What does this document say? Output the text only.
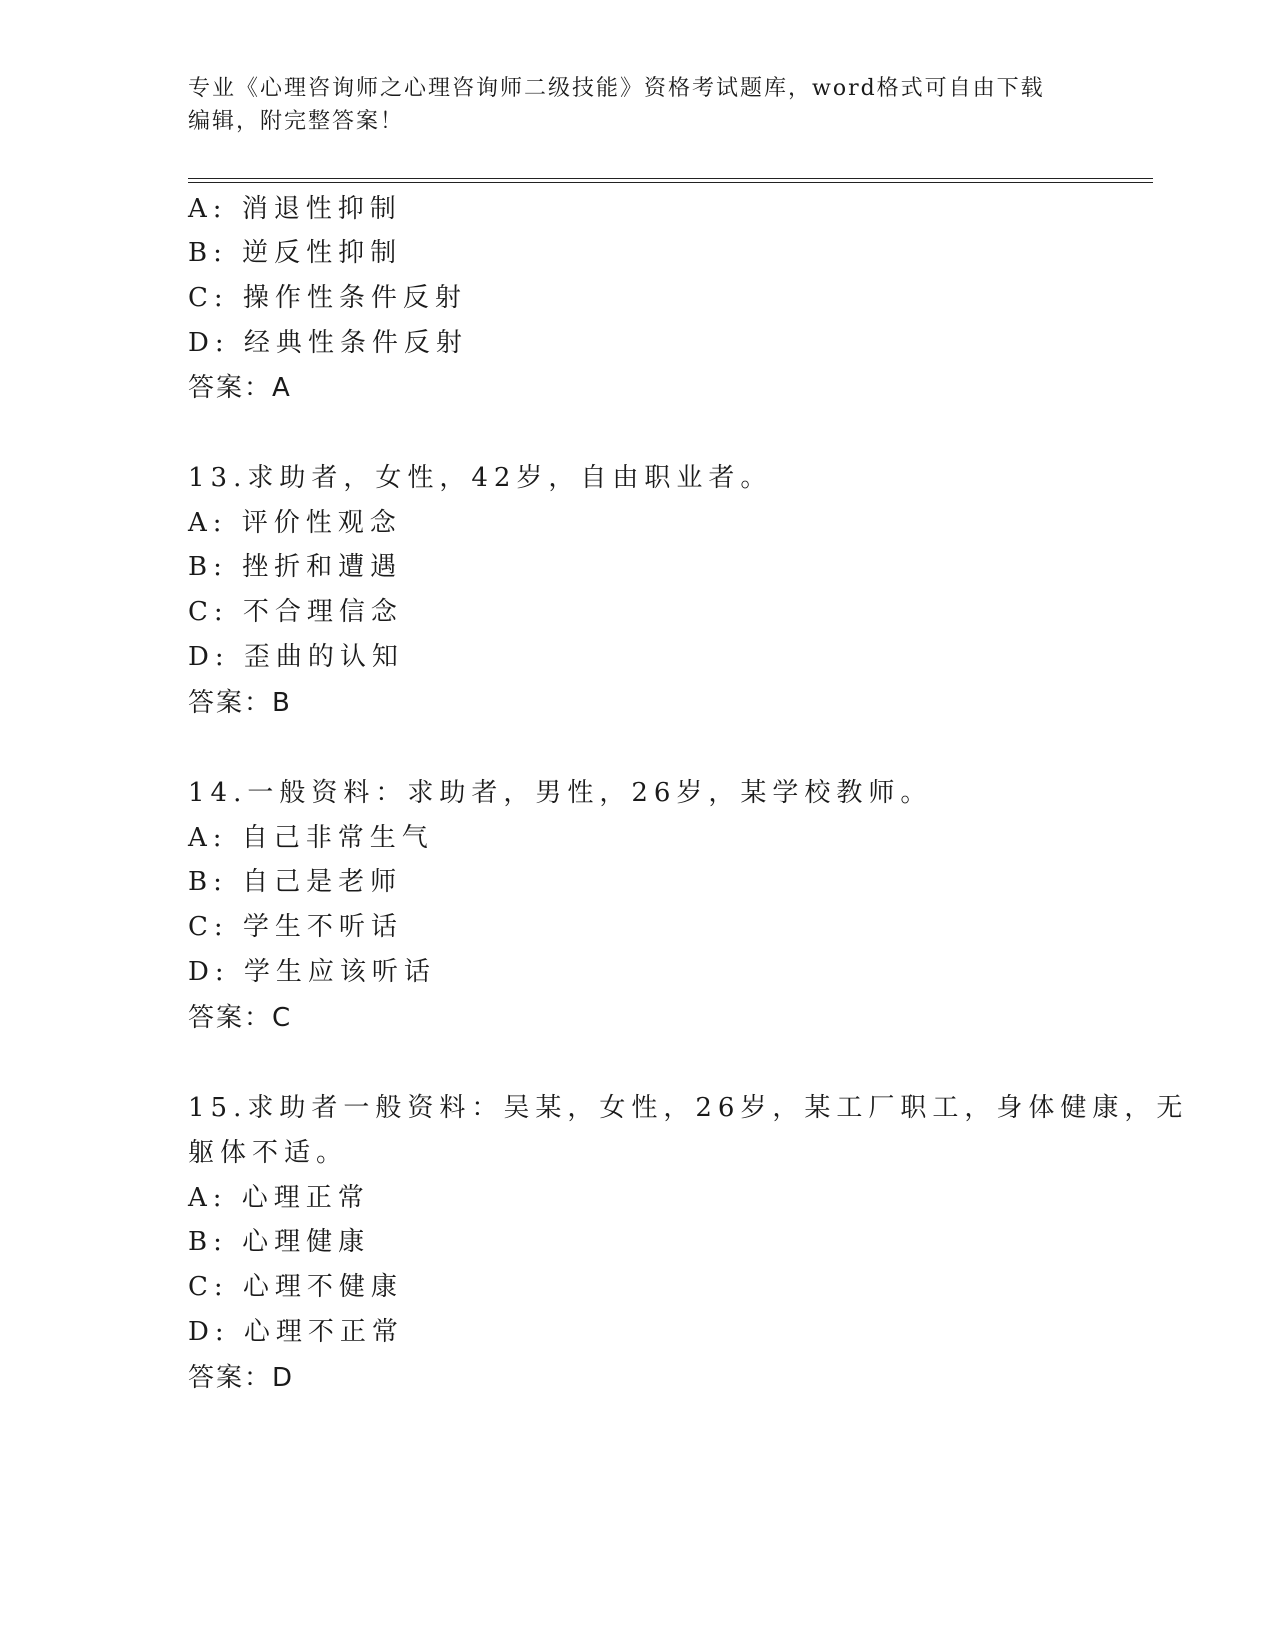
专业《心理咨询师之心理咨询师二级技能》资格考试题库，word格式可自由下载
编辑，附完整答案！
A: 消退性抑制
B: 逆反性抑制
C: 操作性条件反射
D: 经典性条件反射
答案：A
13.求助者，女性，42岁，自由职业者。
A: 评价性观念
B: 挫折和遭遇
C: 不合理信念
D: 歪曲的认知
答案：B
14.一般资料：求助者，男性，26岁，某学校教师。
A: 自己非常生气
B: 自己是老师
C: 学生不听话
D: 学生应该听话
答案：C
15.求助者一般资料：吴某，女性，26岁，某工厂职工，身体健康，无
躯体不适。
A: 心理正常
B: 心理健康
C: 心理不健康
D: 心理不正常
答案：D
